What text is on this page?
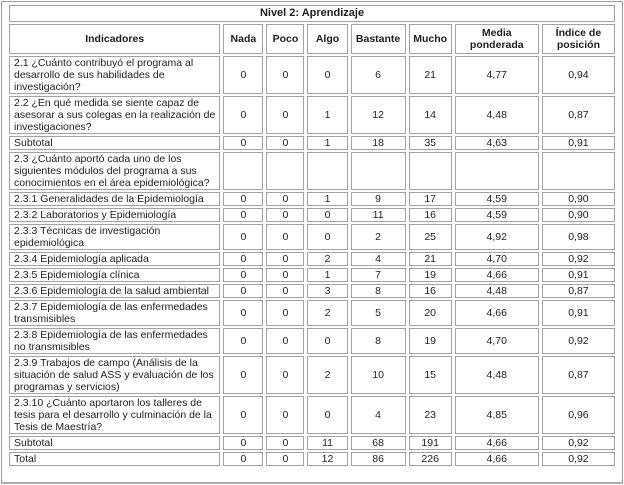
Nivel 2: Aprendizaje							
Indicadores	Nada	Poco	Algo	Bastante	Mucho	Media ponderada	Índice de posición
2.1 ¿Cuánto contribuyó el programa al desarrollo de sus habilidades de investigación?	0	0	0	6	21	4,77	0,94
2.2 ¿En qué medida se siente capaz de asesorar a sus colegas en la realización de investigaciones?	0	0	1	12	14	4,48	0,87
Subtotal	0	0	1	18	35	4,63	0,91
2.3 ¿Cuánto aportó cada uno de los siguientes módulos del programa a sus conocimientos en el área epidemiológica?							
2.3.1 Generalidades de la Epidemiología	0	0	1	9	17	4,59	0,90
2.3.2 Laboratorios y Epidemiología	0	0	0	11	16	4,59	0,90
2.3.3 Técnicas de investigación epidemiológica	0	0	0	2	25	4,92	0,98
2.3.4 Epidemiología aplicada	0	0	2	4	21	4,70	0,92
2.3.5 Epidemiología clínica	0	0	1	7	19	4,66	0,91
2.3.6 Epidemiología de la salud ambiental	0	0	3	8	16	4,48	0,87
2.3.7 Epidemiología de las enfermedades transmisibles	0	0	2	5	20	4,66	0,91
2.3.8 Epidemiología de las enfermedades no transmisibles	0	0	0	8	19	4,70	0,92
2.3.9 Trabajos de campo (Análisis de la situación de salud ASS y evaluación de los programas y servicios)	0	0	2	10	15	4,48	0,87
2.3.10 ¿Cuánto aportaron los talleres de tesis para el desarrollo y culminación de la Tesis de Maestría?	0	0	0	4	23	4,85	0,96
Subtotal	0	0	11	68	191	4,66	0,92
Total	0	0	12	86	226	4,66	0,92
